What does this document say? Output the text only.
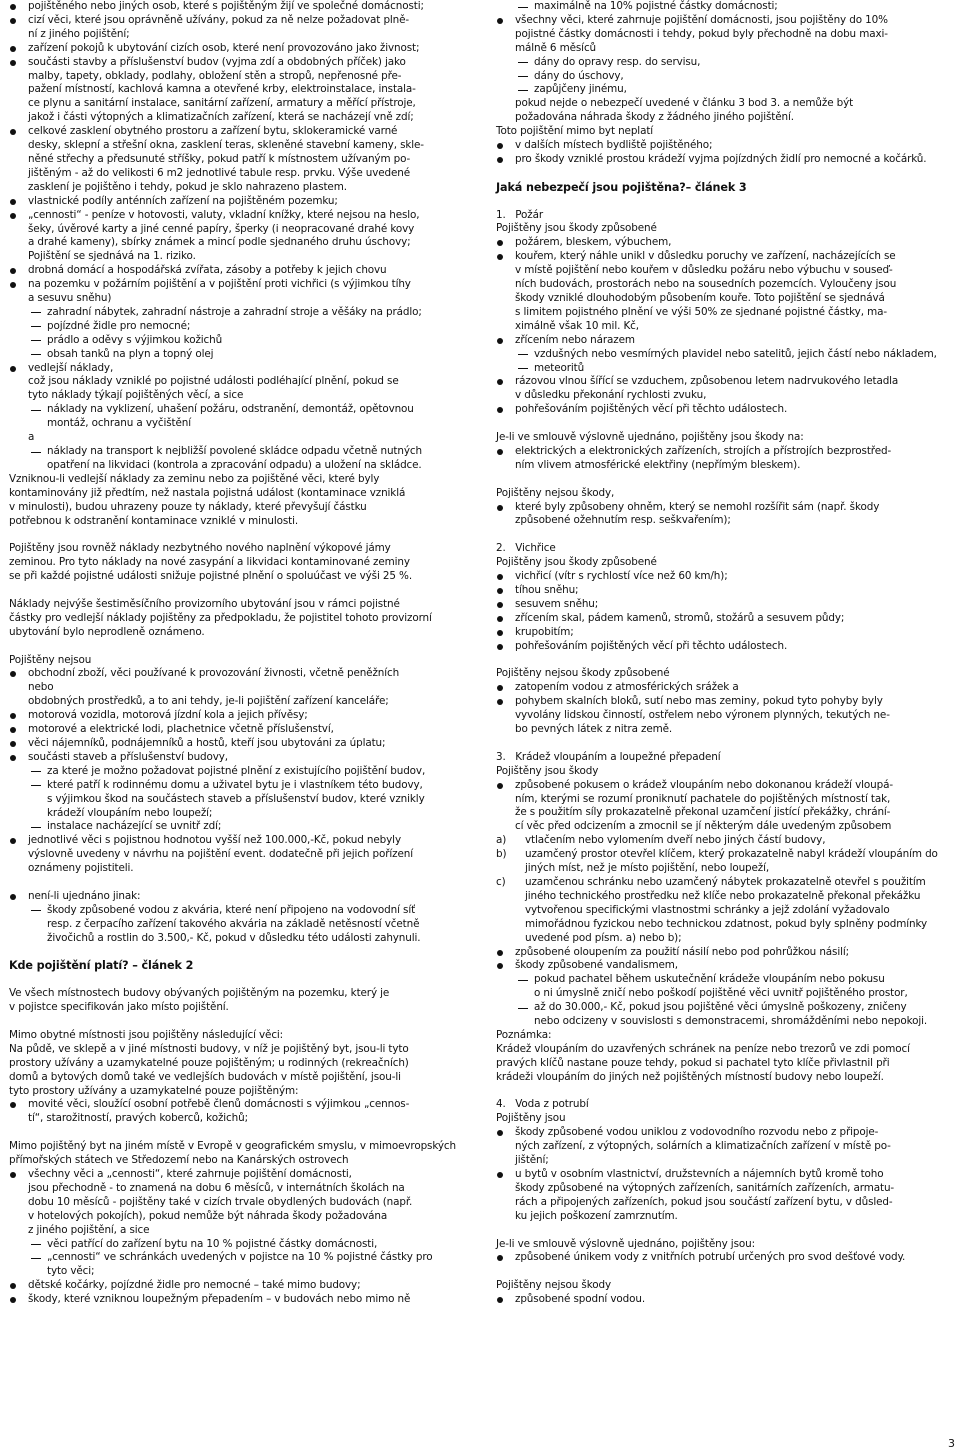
pojištěného nebo jiných osob, které s pojištěným žijí ve společné domácnosti;
cizí věci, které jsou oprávněně užívány, pokud za ně nelze požadovat plně-
ní z jiného pojištění;
zařízení pokojů k ubytování cizích osob, které není provozováno jako živnost;
součásti stavby a příslušenství budov (vyjma zdí a obdobných příček) jako
malby, tapety, obklady, podlahy, obložení stěn a stropů, nepřenosné pře-
pažení místností, kachlová kamna a otevřené krby, elektroinstalace, instala-
ce plynu a sanitární instalace, sanitární zařízení, armatury a měřící přístroje,
jakož i části výtopných a klimatizačních zařízení, která se nacházejí vně zdí;
celkové zasklení obytného prostoru a zařízení bytu, sklokeramické varné
desky, sklepní a střešní okna, zasklení teras, skleněné stavební kameny, skle-
něné střechy a předsunuté stříšky, pokud patří k místnostem užívaným po-
jištěným - až do velikosti 6 m2 jednotlivé tabule resp. prvku. Výše uvedené
zasklení je pojištěno i tehdy, pokud je sklo nahrazeno plastem.
vlastnické podíly anténních zařízení na pojištěném pozemku;
„cennosti“ - peníze v hotovosti, valuty, vkladní knížky, které nejsou na heslo,
šeky, úvěrové karty a jiné cenné papíry, šperky (i neopracované drahé kovy
a drahé kameny), sbírky známek a mincí podle sjednaného druhu úschovy;
Pojištění se sjednává na 1. riziko.
drobná domácí a hospodářská zvířata, zásoby a potřeby k jejich chovu
na pozemku v požárním pojištění a v pojištění proti vichřici (s výjimkou tíhy
a sesuvu sněhu)
zahradní nábytek, zahradní nástroje a zahradní stroje a věšáky na prádlo;
pojízdné židle pro nemocné;
prádlo a oděvy s výjimkou kožichů
obsah tanků na plyn a topný olej
vedlejší náklady,
což jsou náklady vzniklé po pojistné události podléhající plnění, pokud se
tyto náklady týkají pojištěných věcí, a sice
náklady na vyklizení, uhašení požáru, odstranění, demontáž, opětovnou
montáž, ochranu a vyčištění
a
náklady na transport k nejbližší povolené skládce odpadu včetně nutných
opatření na likvidaci (kontrola a zpracování odpadu) a uložení na skládce.
Vzniknou-li vedlejší náklady za zeminu nebo za pojištěné věci, které byly
kontaminovány již předtím, než nastala pojistná událost (kontaminace vzniklá
v minulosti), budou uhrazeny pouze ty náklady, které převyšují částku
potřebnou k odstranění kontaminace vzniklé v minulosti.
Pojištěny jsou rovněž náklady nezbytného nového naplnění výkopové jámy
zeminou. Pro tyto náklady na nové zasypání a likvidaci kontaminované zeminy
se při každé pojistné události snižuje pojistné plnění o spoluúčast ve výši 25 %.
Náklady nejvýše šestiměsíčního provizorního ubytování jsou v rámci pojistné
částky pro vedlejší náklady pojištěny za předpokladu, že pojistitel tohoto provizorní
ubytování bylo neprodleně oznámeno.
Pojištěny nejsou
obchodní zboží, věci používané k provozování živnosti, včetně peněžních
nebo
obdobných prostředků, a to ani tehdy, je-li pojištění zařízení kanceláře;
motorová vozidla, motorová jízdní kola a jejich přívěsy;
motorové a elektrické lodi, plachetnice včetně příslušenství,
věci nájemníků, podnájemníků a hostů, kteří jsou ubytováni za úplatu;
součásti staveb a příslušenství budovy,
za které je možno požadovat pojistné plnění z existujícího pojištění budov,
které patří k rodinnému domu a uživatel bytu je i vlastníkem této budovy,
s výjimkou škod na součástech staveb a příslušenství budov, které vznikly
krádeží vloupáním nebo loupeží;
instalace nacházející se uvnitř zdí;
jednotlivé věci s pojistnou hodnotou vyšší než 100.000,-Kč, pokud nebyly
výslovně uvedeny v návrhu na pojištění event. dodatečně při jejich pořízení
oznámeny pojistiteli.
není-li ujednáno jinak:
škody způsobené vodou z akvária, které není připojeno na vodovodní síť
resp. z čerpacího zařízení takového akvária na základě netěsností včetně
živočichů a rostlin do 3.500,- Kč, pokud v důsledku této události zahynuli.
Kde pojištění platí? – článek 2
Ve všech místnostech budovy obývaných pojištěným na pozemku, který je
v pojistce specifikován jako místo pojištění.
Mimo obytné místnosti jsou pojištěny následující věci:
Na půdě, ve sklepě a v jiné místnosti budovy, v níž je pojištěný byt, jsou-li tyto
prostory užívány a uzamykatelné pouze pojištěným; u rodinných (rekreačních)
domů a bytových domů také ve vedlejších budovách v místě pojištění, jsou-li
tyto prostory užívány a uzamykatelné pouze pojištěným:
movité věci, sloužící osobní potřebě členů domácnosti s výjimkou „cennos-
tí“, starožitností, pravých koberců, kožichů;
Mimo pojištěný byt na jiném místě v Evropě v geografickém smyslu, v mimoevropských
přímořských státech ve Středozemí nebo na Kanárských ostrovech
všechny věci a „cennosti“, které zahrnuje pojištění domácnosti,
jsou přechodně - to znamená na dobu 6 měsíců, v internátních školách na
dobu 10 měsíců - pojištěny také v cizích trvale obydlených budovách (např.
v hotelových pokojích), pokud nemůže být náhrada škody požadována
z jiného pojištění, a sice
věci patřící do zařízení bytu na 10 % pojistné částky domácnosti,
„cennosti“ ve schránkách uvedených v pojistce na 10 % pojistné částky pro
tyto věci;
dětské kočárky, pojízdné židle pro nemocné – také mimo budovy;
škody, které vzniknou loupežným přepadením – v budovách nebo mimo ně
maximálně na 10% pojistné částky domácnosti;
všechny věci, které zahrnuje pojištění domácnosti, jsou pojištěny do 10%
pojistné částky domácnosti i tehdy, pokud byly přechodně na dobu maxi-
málně 6 měsíců
dány do opravy resp. do servisu,
dány do úschovy,
zapůjčeny jinému,
pokud nejde o nebezpečí uvedené v článku 3 bod 3. a nemůže být
požadována náhrada škody z žádného jiného pojištění.
Toto pojištění mimo byt neplatí
v dalších místech bydliště pojištěného;
pro škody vzniklé prostou krádeží vyjma pojízdných židlí pro nemocné a kočárků.
Jaká nebezpečí jsou pojištěna?– článek 3
1.   Požár
Pojištěny jsou škody způsobené
požárem, bleskem, výbuchem,
kouřem, který náhle unikl v důsledku poruchy ve zařízení, nacházejících se
v místě pojištění nebo kouřem v důsledku požáru nebo výbuchu v souseď-
ních budovách, prostorách nebo na sousedních pozemcích. Vyloučeny jsou
škody vzniklé dlouhodobým působením kouře. Toto pojištění se sjednává
s limitem pojistného plnění ve výši 50% ze sjednané pojistné částky, ma-
ximálně však 10 mil. Kč,
zřícením nebo nárazem
vzdušných nebo vesmírných plavidel nebo satelitů, jejich částí nebo nákladem,
meteoritů
rázovou vlnou šířící se vzduchem, způsobenou letem nadrvukového letadla
v důsledku překonání rychlosti zvuku,
pohřešováním pojištěných věcí při těchto událostech.
Je-li ve smlouvě výslovně ujednáno, pojištěny jsou škody na:
elektrických a elektronických zařízeních, strojích a přístrojích bezprostřed-
ním vlivem atmosférické elektřiny (nepřímým bleskem).
Pojištěny nejsou škody,
které byly způsobeny ohněm, který se nemohl rozšířit sám (např. škody
způsobené ožehnutím resp. seškvařením);
2.   Vichřice
Pojištěny jsou škody způsobené
vichřicí (vítr s rychlostí více než 60 km/h);
tíhou sněhu;
sesuvem sněhu;
zřícením skal, pádem kamenů, stromů, stožárů a sesuvem půdy;
krupobitím;
pohřešováním pojištěných věcí při těchto událostech.
Pojištěny nejsou škody způsobené
zatopením vodou z atmosférických srážek a
pohybem skalních bloků, sutí nebo mas zeminy, pokud tyto pohyby byly
vyvolány lidskou činností, ostřelem nebo výronem plynných, tekutých ne-
bo pevných látek z nitra země.
3.   Krádež vloupáním a loupežné přepadení
Pojištěny jsou škody
způsobené pokusem o krádež vloupáním nebo dokonanou krádeží vloupá-
ním, kterými se rozumí proniknutí pachatele do pojištěných místností tak,
že s použitím síly prokazatelně překonal uzamčení jistící překážky, chrání-
cí věc před odcizením a zmocnil se jí některým dále uvedeným způsobem
a) vtlačením nebo vylomením dveří nebo jiných částí budovy,
b) uzamčený prostor otevřel klíčem, který prokazatelně nabyl krádeží vloupáním do
jiných míst, než je místo pojištění, nebo loupeží,
c) uzamčenou schránku nebo uzamčený nábytek prokazatelně otevřel s použitím
jiného technického prostředku než klíče nebo prokazatelně překonal překážku
vytvořenou specifickými vlastnostmi schránky a jejž zdolání vyžadovalo
mimořádnou fyzickou nebo technickou zdatnost, pokud byly splněny podmínky
uvedené pod písm. a) nebo b);
způsobené oloupením za použití násilí nebo pod pohrůžkou násilí;
škody způsobené vandalismem,
pokud pachatel během uskutečnění krádeže vloupáním nebo pokusu
o ni úmyslně zničí nebo poškodí pojištěné věci uvnitř pojištěného prostor,
až do 30.000,- Kč, pokud jsou pojištěné věci úmyslně poškozeny, zničeny
nebo odcizeny v souvislosti s demonstracemi, shromážděními nebo nepokoji.
Poznámka:
Krádež vloupáním do uzavřených schránek na peníze nebo trezorů ve zdi pomocí
pravých klíčů nastane pouze tehdy, pokud si pachatel tyto klíče přivlastnil při
krádeži vloupáním do jiných než pojištěných místností budovy nebo loupeží.
4.   Voda z potrubí
Pojištěny jsou
škody způsobené vodou uniklou z vodovodního rozvodu nebo z připoje-
ných zařízení, z výtopných, solárních a klimatizačních zařízení v místě po-
jištění;
u bytů v osobním vlastnictví, družstevních a nájemních bytů kromě toho
škody způsobené na výtopných zařízeních, sanitárních zařízeních, armatu-
rách a připojených zařízeních, pokud jsou součástí zařízení bytu, v důsled-
ku jejich poškození zamrznutím.
Je-li ve smlouvě výslovně ujednáno, pojištěny jsou:
způsobené únikem vody z vnitřních potrubí určených pro svod dešťové vody.
Pojištěny nejsou škody
způsobené spodní vodou.
3
